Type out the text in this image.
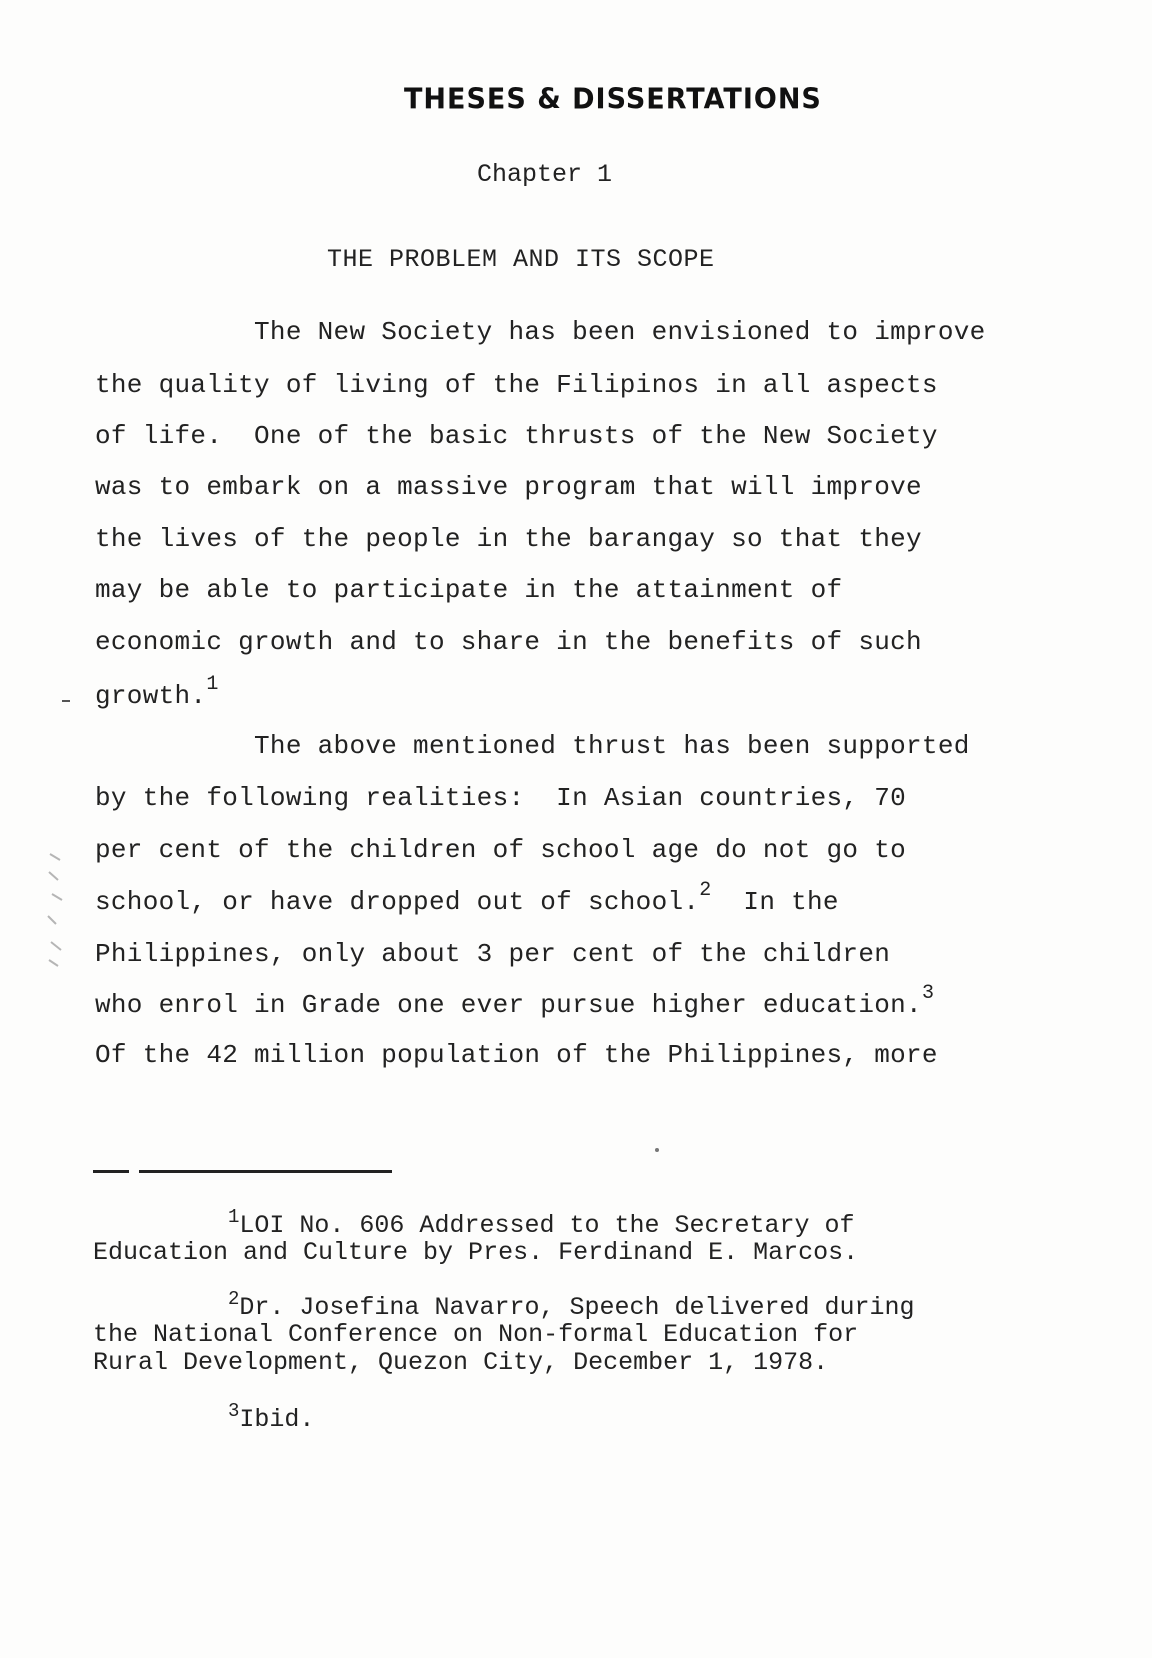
THESES & DISSERTATIONS
Chapter 1
THE PROBLEM AND ITS SCOPE
The New Society has been envisioned to improve
the quality of living of the Filipinos in all aspects
of life.  One of the basic thrusts of the New Society
was to embark on a massive program that will improve
the lives of the people in the barangay so that they
may be able to participate in the attainment of
economic growth and to share in the benefits of such
growth.$^1$
The above mentioned thrust has been supported
by the following realities:  In Asian countries, 70
per cent of the children of school age do not go to
school, or have dropped out of school.$^2$  In the
Philippines, only about 3 per cent of the children
who enrol in Grade one ever pursue higher education.$^3$
Of the 42 million population of the Philippines, more
$^1$LOI No. 606 Addressed to the Secretary of
Education and Culture by Pres. Ferdinand E. Marcos.
$^2$Dr. Josefina Navarro, Speech delivered during
the National Conference on Non-formal Education for
Rural Development, Quezon City, December 1, 1978.
$^3$Ibid.
